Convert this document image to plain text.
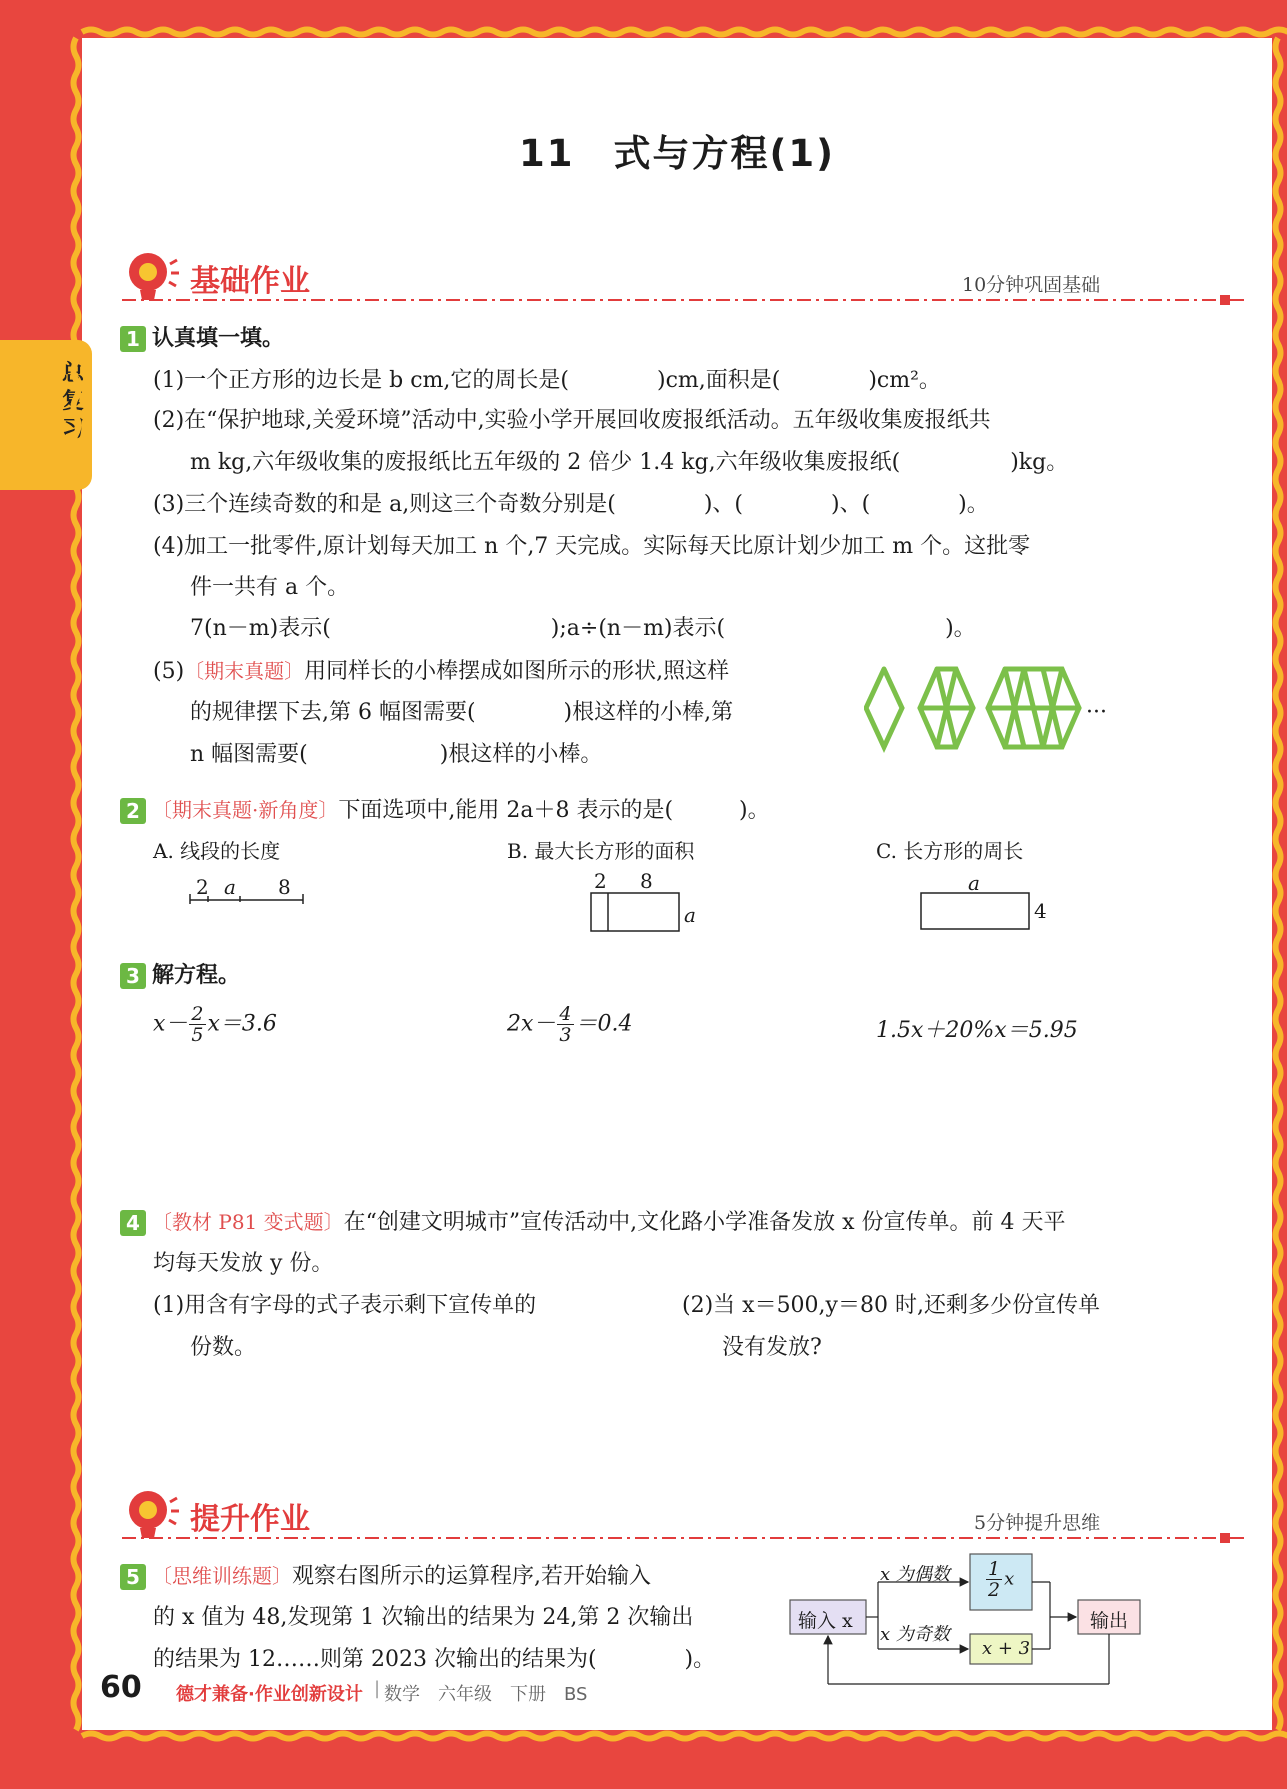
11　式与方程(1)
基础作业	10分钟巩固基础
1 认真填一填。
(1)一个正方形的边长是 b cm,它的周长是(　　　　)cm,面积是(　　　　)cm²。
(2)在“保护地球,关爱环境”活动中,实验小学开展回收废报纸活动。五年级收集废报纸共
m kg,六年级收集的废报纸比五年级的 2 倍少 1.4 kg,六年级收集废报纸(　　　　　)kg。
(3)三个连续奇数的和是 a,则这三个奇数分别是(　　　　)、(　　　　)、(　　　　)。
(4)加工一批零件,原计划每天加工 n 个,7 天完成。实际每天比原计划少加工 m 个。这批零
件一共有 a 个。
7(n－m)表示(　　　　　　　　　　);a÷(n－m)表示(　　　　　　　　　　)。
(5)〔期末真题〕用同样长的小棒摆成如图所示的形状,照这样
的规律摆下去,第 6 幅图需要(　　　　)根这样的小棒,第
n 幅图需要(　　　　　　)根这样的小棒。
···
2 〔期末真题·新角度〕下面选项中,能用 2a＋8 表示的是(　　　)。
A. 线段的长度	B. 最大长方形的面积	C. 长方形的周长
2 a 8	2 8
a
a
4
3 解方程。
$x- \frac{2}{5} x=3.6$	$2x- \frac{4}{3} =0.4$	1.5x＋20%x＝5.95
4 〔教材 P81 变式题〕在“创建文明城市”宣传活动中,文化路小学准备发放 x 份宣传单。前 4 天平
均每天发放 y 份。
(1)用含有字母的式子表示剩下宣传单的
份数。
(2)当 x＝500,y＝80 时,还剩多少份宣传单
没有发放?
提升作业	5分钟提升思维
5 〔思维训练题〕观察右图所示的运算程序,若开始输入
的 x 值为 48,发现第 1 次输出的结果为 24,第 2 次输出
的结果为 12……则第 2023 次输出的结果为(　　　　)。
输入 x
x 为偶数
x 为奇数
$\frac{1}{2}$ x
x + 3
输出
60 德才兼备·作业创新设计 | 数学　六年级　下册　BS
总复习
